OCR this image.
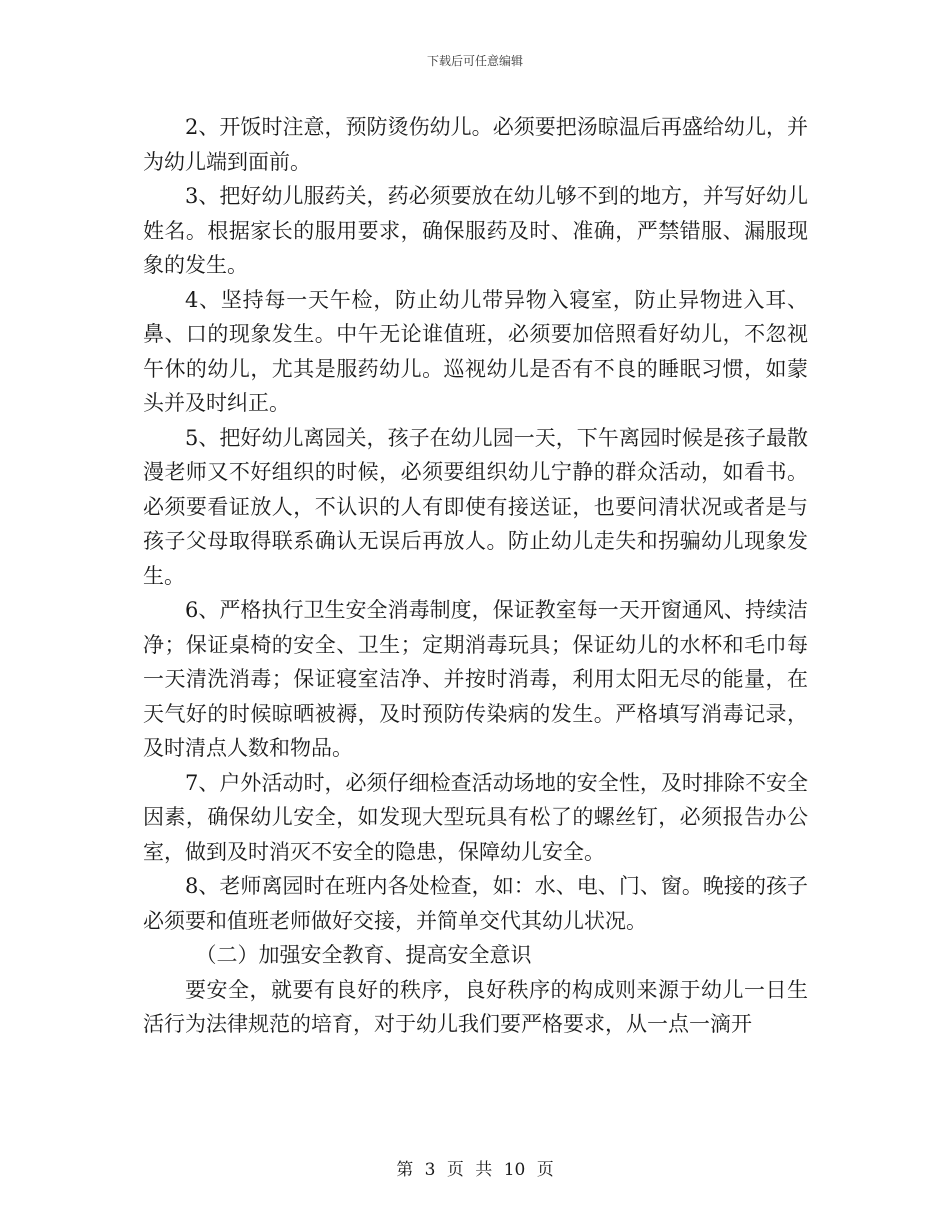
下载后可任意编辑

2、开饭时注意，预防烫伤幼儿。必须要把汤晾温后再盛给幼儿，并为幼儿端到面前。

3、把好幼儿服药关，药必须要放在幼儿够不到的地方，并写好幼儿姓名。根据家长的服用要求，确保服药及时、准确，严禁错服、漏服现象的发生。

4、坚持每一天午检，防止幼儿带异物入寝室，防止异物进入耳、鼻、口的现象发生。中午无论谁值班，必须要加倍照看好幼儿，不忽视午休的幼儿，尤其是服药幼儿。巡视幼儿是否有不良的睡眠习惯，如蒙头并及时纠正。

5、把好幼儿离园关，孩子在幼儿园一天，下午离园时候是孩子最散漫老师又不好组织的时候，必须要组织幼儿宁静的群众活动，如看书。必须要看证放人，不认识的人有即使有接送证，也要问清状况或者是与孩子父母取得联系确认无误后再放人。防止幼儿走失和拐骗幼儿现象发生。

6、严格执行卫生安全消毒制度，保证教室每一天开窗通风、持续洁净；保证桌椅的安全、卫生；定期消毒玩具；保证幼儿的水杯和毛巾每一天清洗消毒；保证寝室洁净、并按时消毒，利用太阳无尽的能量，在天气好的时候晾晒被褥，及时预防传染病的发生。严格填写消毒记录，及时清点人数和物品。

7、户外活动时，必须仔细检查活动场地的安全性，及时排除不安全因素，确保幼儿安全，如发现大型玩具有松了的螺丝钉，必须报告办公室，做到及时消灭不安全的隐患，保障幼儿安全。

8、老师离园时在班内各处检查，如：水、电、门、窗。晚接的孩子必须要和值班老师做好交接，并简单交代其幼儿状况。

（二）加强安全教育、提高安全意识

要安全，就要有良好的秩序，良好秩序的构成则来源于幼儿一日生活行为法律规范的培育，对于幼儿我们要严格要求，从一点一滴开

第 3 页 共 10 页
